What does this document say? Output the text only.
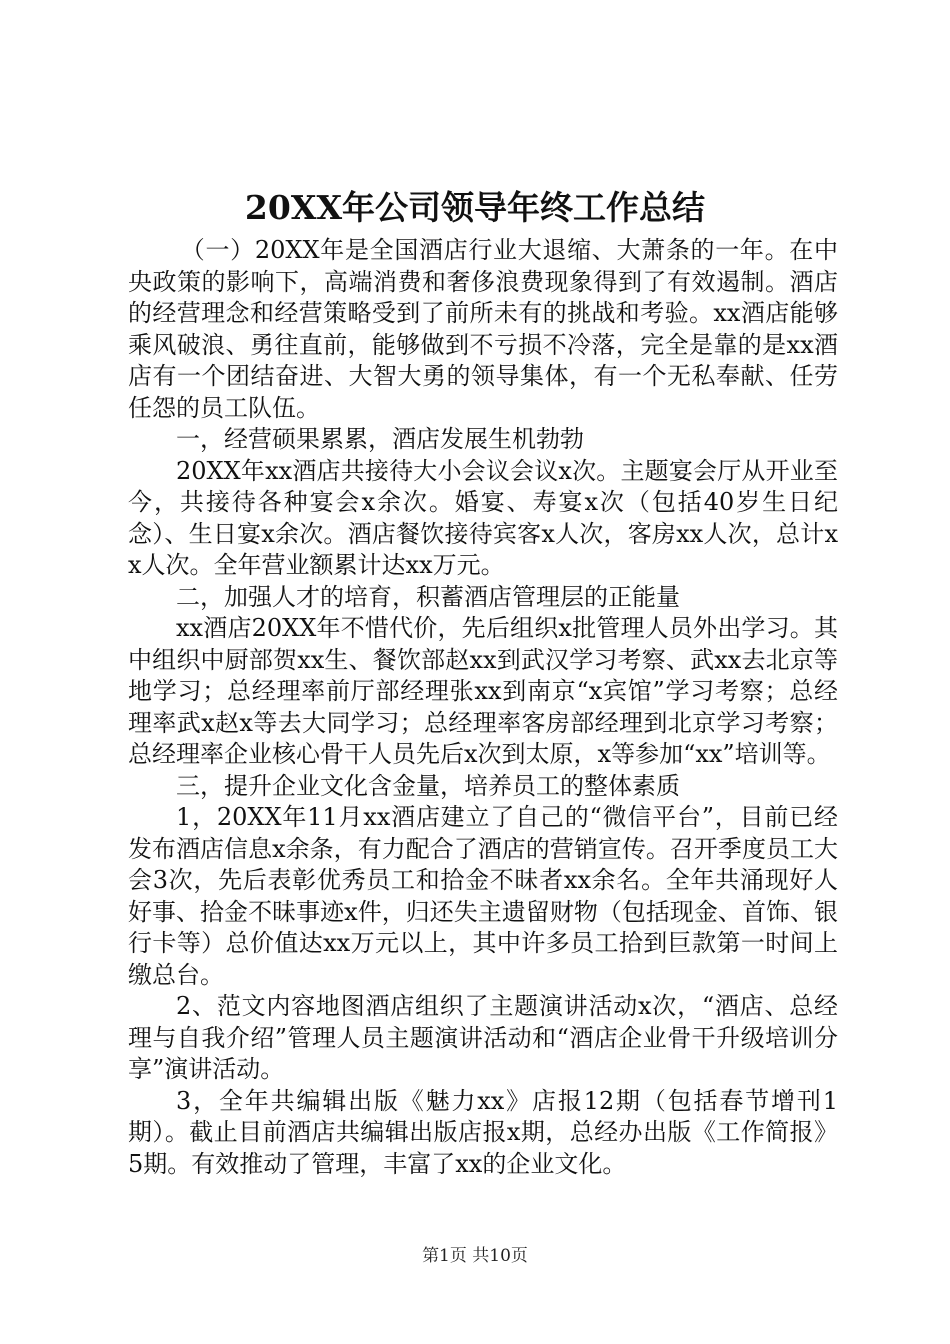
20XX年公司领导年终工作总结

（一）20XX年是全国酒店行业大退缩、大萧条的一年。在中央政策的影响下，高端消费和奢侈浪费现象得到了有效遏制。酒店的经营理念和经营策略受到了前所未有的挑战和考验。xx酒店能够乘风破浪、勇往直前，能够做到不亏损不冷落，完全是靠的是xx酒店有一个团结奋进、大智大勇的领导集体，有一个无私奉献、任劳任怨的员工队伍。

一，经营硕果累累，酒店发展生机勃勃

20XX年xx酒店共接待大小会议会议x次。主题宴会厅从开业至今，共接待各种宴会x余次。婚宴、寿宴x次（包括40岁生日纪念）、生日宴x余次。酒店餐饮接待宾客x人次，客房xx人次，总计xx人次。全年营业额累计达xx万元。

二，加强人才的培育，积蓄酒店管理层的正能量

xx酒店20XX年不惜代价，先后组织x批管理人员外出学习。其中组织中厨部贺xx生、餐饮部赵xx到武汉学习考察、武xx去北京等地学习；总经理率前厅部经理张xx到南京“x宾馆”学习考察；总经理率武x赵x等去大同学习；总经理率客房部经理到北京学习考察；总经理率企业核心骨干人员先后x次到太原，x等参加“xx”培训等。

三，提升企业文化含金量，培养员工的整体素质

1，20XX年11月xx酒店建立了自己的“微信平台”，目前已经发布酒店信息x余条，有力配合了酒店的营销宣传。召开季度员工大会3次，先后表彰优秀员工和拾金不昧者xx余名。全年共涌现好人好事、拾金不昧事迹x件，归还失主遗留财物（包括现金、首饰、银行卡等）总价值达xx万元以上，其中许多员工拾到巨款第一时间上缴总台。

2、范文内容地图酒店组织了主题演讲活动x次，“酒店、总经理与自我介绍”管理人员主题演讲活动和“酒店企业骨干升级培训分享”演讲活动。

3，全年共编辑出版《魅力xx》店报12期（包括春节增刊1期）。截止目前酒店共编辑出版店报x期，总经办出版《工作简报》5期。有效推动了管理，丰富了xx的企业文化。

第1页 共10页
